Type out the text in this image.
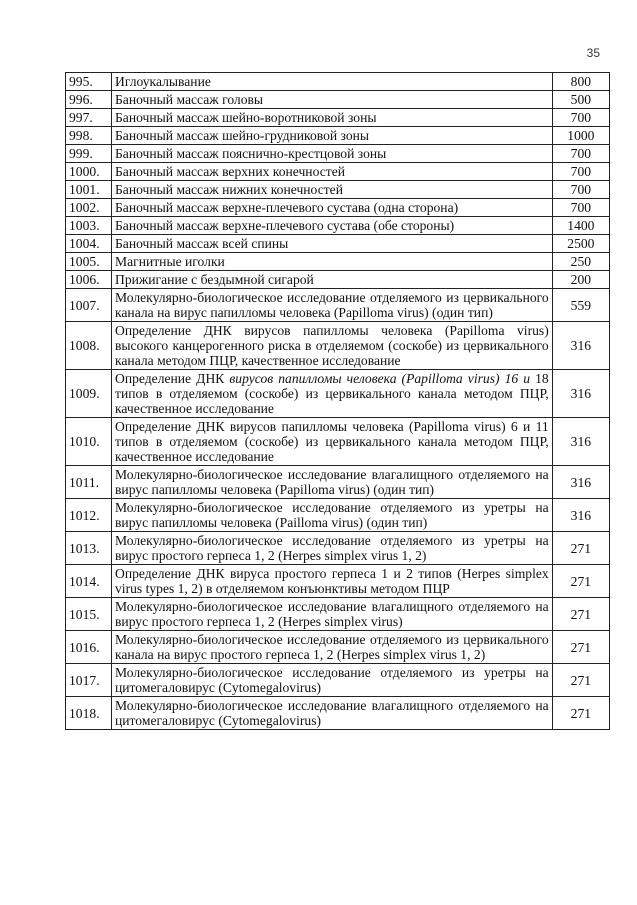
35
995.	Иглоукалывание	800
996.	Баночный массаж головы	500
997.	Баночный массаж шейно-воротниковой зоны	700
998.	Баночный массаж шейно-грудниковой зоны	1000
999.	Баночный массаж пояснично-крестцовой зоны	700
1000.	Баночный массаж верхних конечностей	700
1001.	Баночный массаж нижних конечностей	700
1002.	Баночный массаж верхне-плечевого сустава (одна сторона)	700
1003.	Баночный массаж верхне-плечевого сустава (обе стороны)	1400
1004.	Баночный массаж всей спины	2500
1005.	Магнитные иголки	250
1006.	Прижигание с бездымной сигарой	200
1007.	Молекулярно-биологическое исследование отделяемого из цервикального канала на вирус папилломы человека (Papilloma virus) (один тип)	559
1008.	Определение ДНК вирусов папилломы человека (Papilloma virus) высокого канцерогенного риска в отделяемом (соскобе) из цервикального канала методом ПЦР, качественное исследование	316
1009.	Определение ДНК вирусов папилломы человека (Papilloma virus) 16 и 18 типов в отделяемом (соскобе) из цервикального канала методом ПЦР, качественное исследование	316
1010.	Определение ДНК вирусов папилломы человека (Papilloma virus) 6 и 11 типов в отделяемом (соскобе) из цервикального канала методом ПЦР, качественное исследование	316
1011.	Молекулярно-биологическое исследование влагалищного отделяемого на вирус папилломы человека (Papilloma virus) (один тип)	316
1012.	Молекулярно-биологическое исследование отделяемого из уретры на вирус папилломы человека (Pailloma virus) (один тип)	316
1013.	Молекулярно-биологическое исследование отделяемого из уретры на вирус простого герпеса 1, 2 (Herpes simplex virus 1, 2)	271
1014.	Определение ДНК вируса простого герпеса 1 и 2 типов (Herpes simplex virus types 1, 2) в отделяемом конъюнктивы методом ПЦР	271
1015.	Молекулярно-биологическое исследование влагалищного отделяемого на вирус простого герпеса 1, 2 (Herpes simplex virus)	271
1016.	Молекулярно-биологическое исследование отделяемого из цервикального канала на вирус простого герпеса 1, 2 (Herpes simplex virus 1, 2)	271
1017.	Молекулярно-биологическое исследование отделяемого из уретры на цитомегаловирус (Cytomegalovirus)	271
1018.	Молекулярно-биологическое исследование влагалищного отделяемого на цитомегаловирус (Cytomegalovirus)	271
